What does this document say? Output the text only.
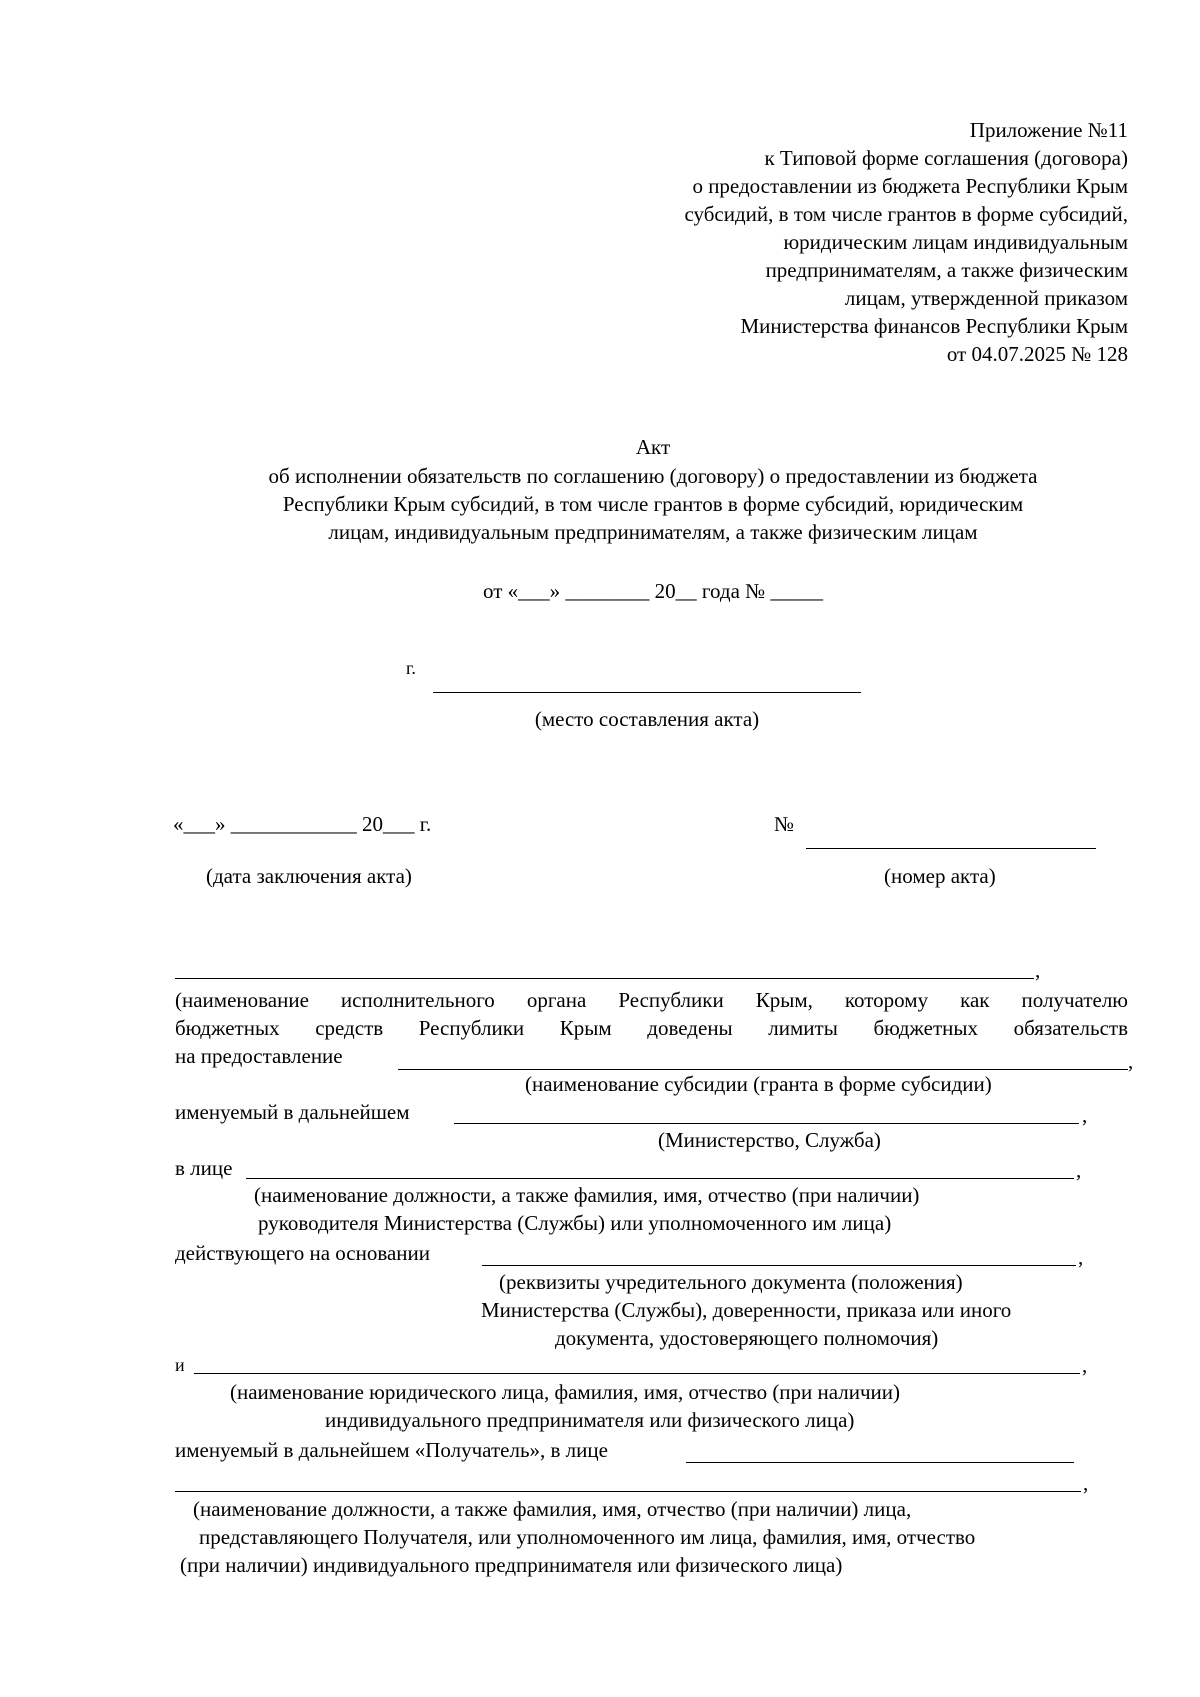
Приложение №11
к Типовой форме соглашения (договора)
о предоставлении из бюджета Республики Крым
субсидий, в том числе грантов в форме субсидий,
юридическим лицам индивидуальным
предпринимателям, а также физическим
лицам, утвержденной приказом
Министерства финансов Республики Крым
от 04.07.2025 № 128
Акт
об исполнении обязательств по соглашению (договору) о предоставлении из бюджета
Республики Крым субсидий, в том числе грантов в форме субсидий, юридическим
лицам, индивидуальным предпринимателям, а также физическим лицам
от «___» ________ 20__ года № _____
г.
(место составления акта)
«___» ____________ 20___ г.	№
(дата заключения акта)	(номер акта)
,
(наименование исполнительного органа Республики Крым, которому как получателю
бюджетных средств Республики Крым доведены лимиты бюджетных обязательств
на предоставление	,
(наименование субсидии (гранта в форме субсидии)
именуемый в дальнейшем	,
(Министерство, Служба)
в лице	,
(наименование должности, а также фамилия, имя, отчество (при наличии)
руководителя Министерства (Службы) или уполномоченного им лица)
действующего на основании	,
(реквизиты учредительного документа (положения)
Министерства (Службы), доверенности, приказа или иного
документа, удостоверяющего полномочия)
и	,
(наименование юридического лица, фамилия, имя, отчество (при наличии)
индивидуального предпринимателя или физического лица)
именуемый в дальнейшем «Получатель», в лице
,
(наименование должности, а также фамилия, имя, отчество (при наличии) лица,
представляющего Получателя, или уполномоченного им лица, фамилия, имя, отчество
(при наличии) индивидуального предпринимателя или физического лица)
